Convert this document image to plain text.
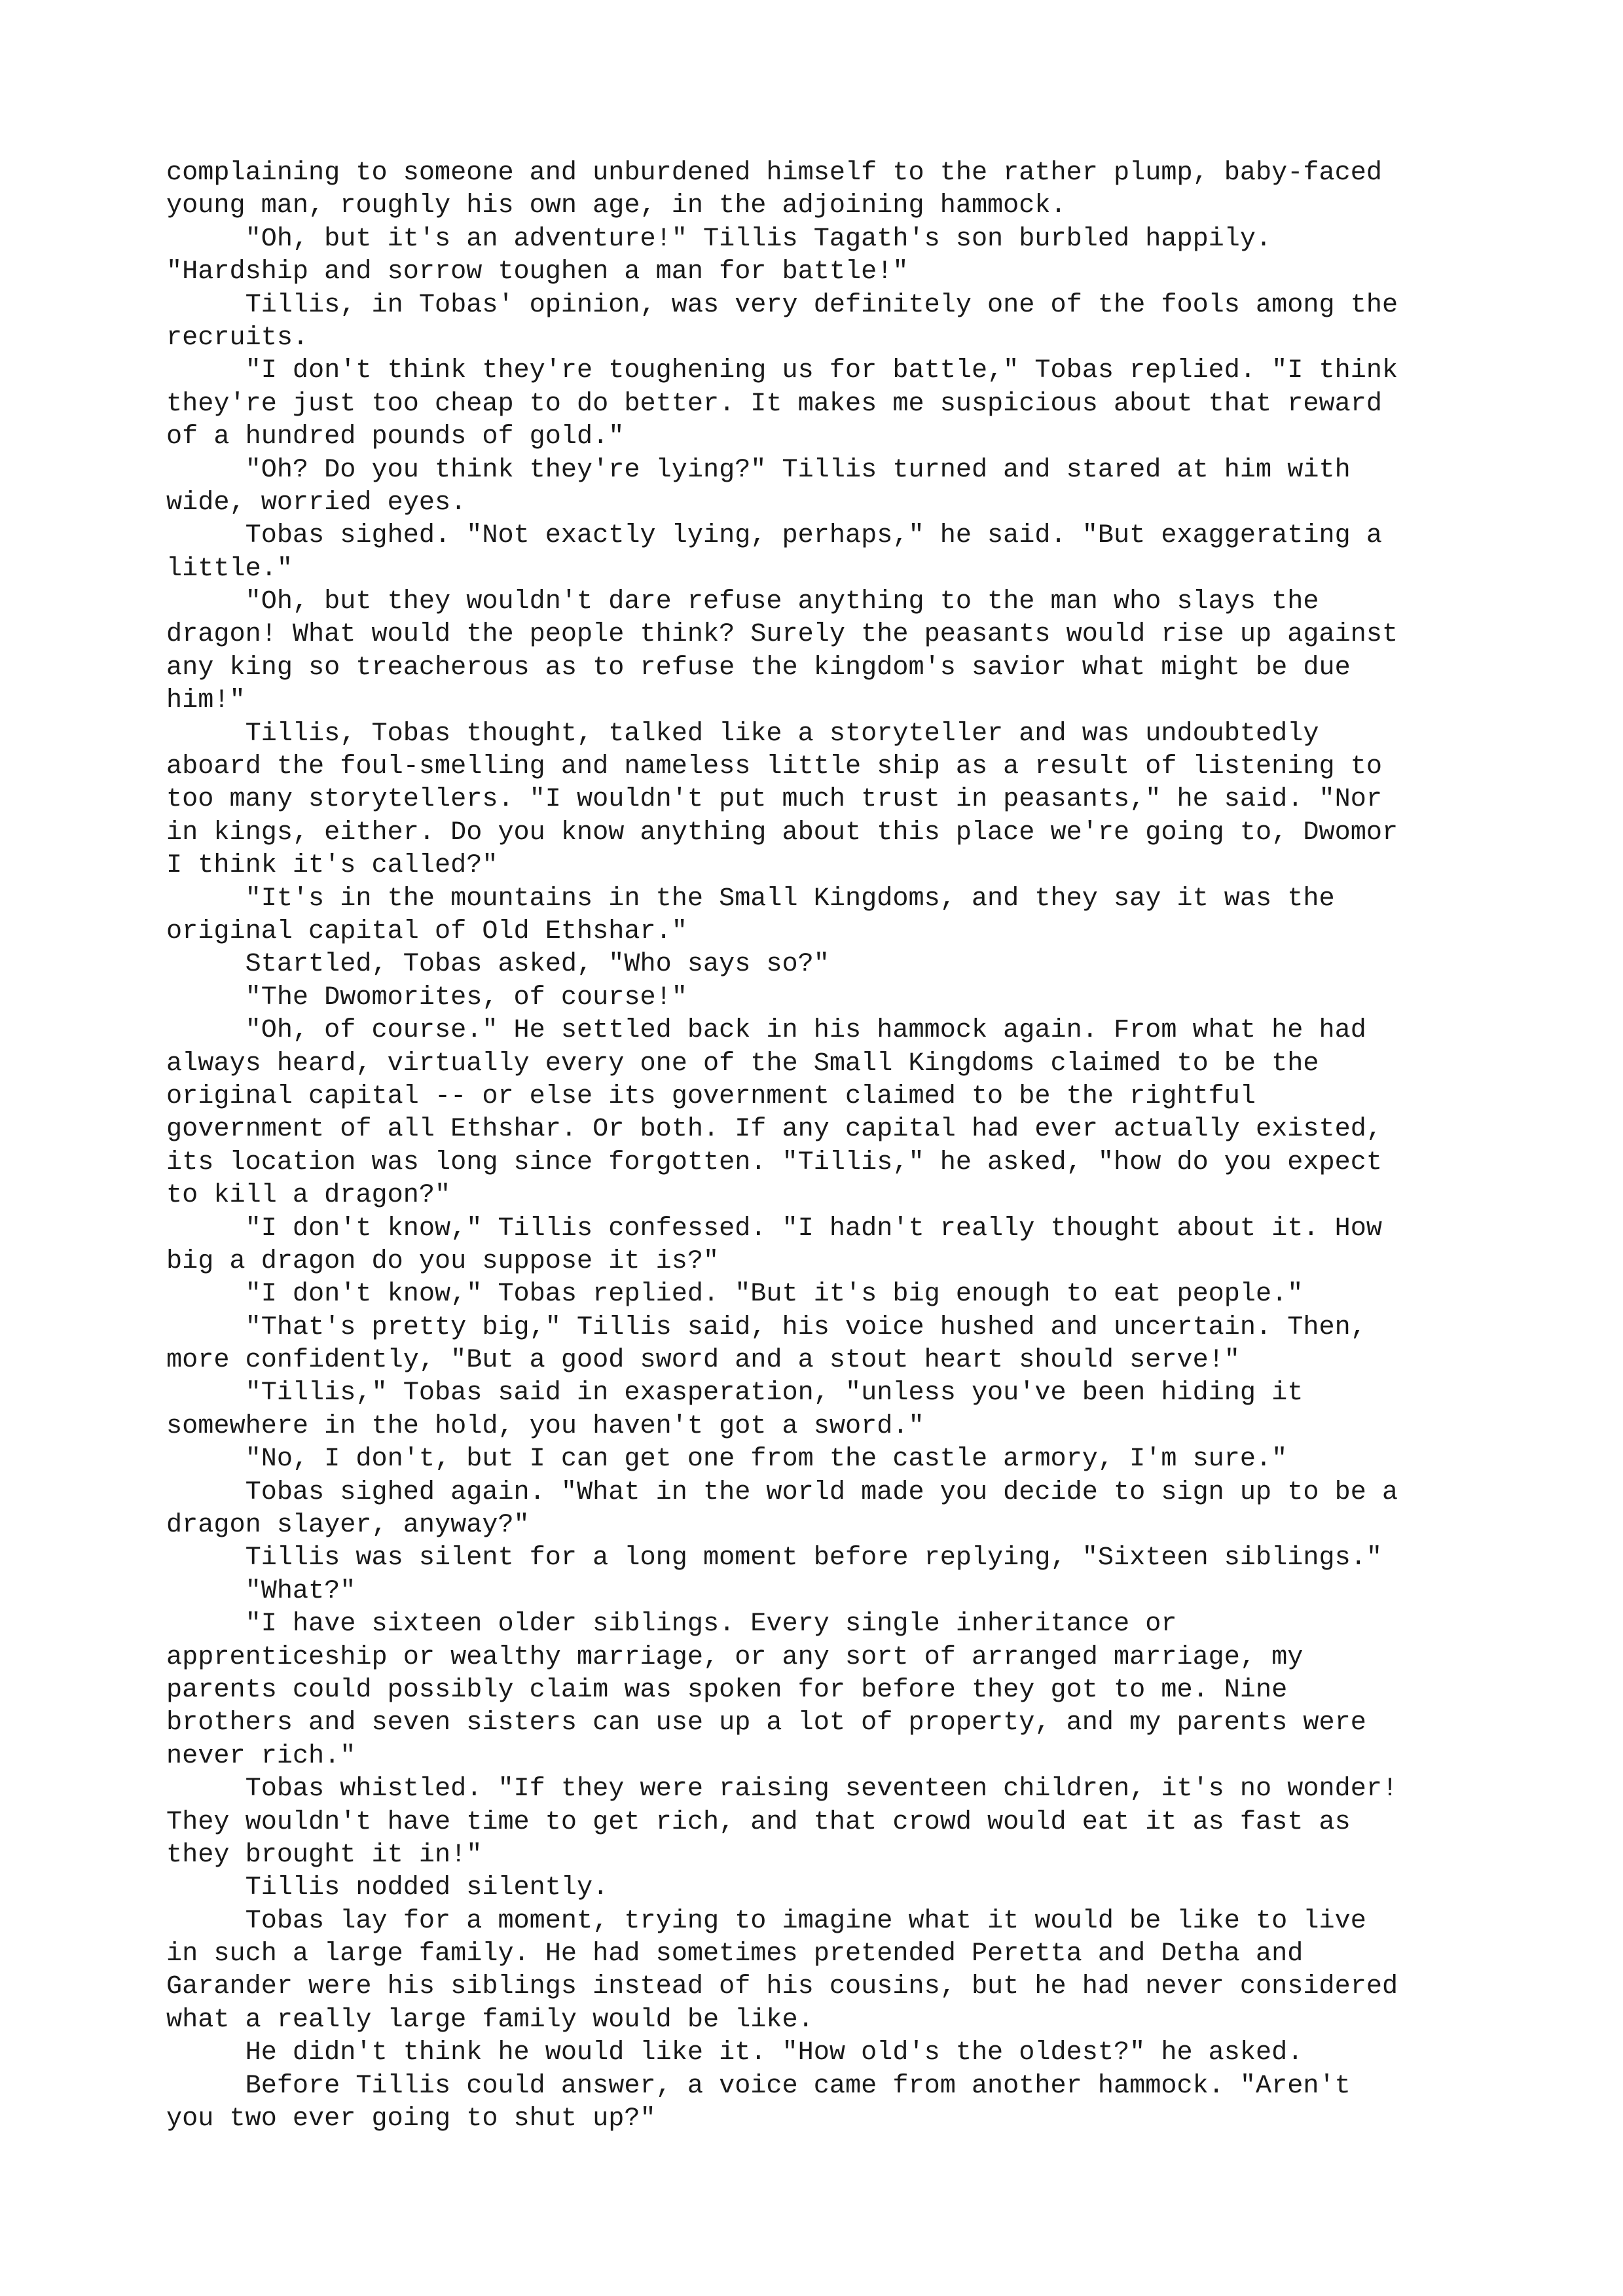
complaining to someone and unburdened himself to the rather plump, baby-faced
young man, roughly his own age, in the adjoining hammock.
"Oh, but it's an adventure!" Tillis Tagath's son burbled happily.
"Hardship and sorrow toughen a man for battle!"
Tillis, in Tobas' opinion, was very definitely one of the fools among the
recruits.
"I don't think they're toughening us for battle," Tobas replied. "I think
they're just too cheap to do better. It makes me suspicious about that reward
of a hundred pounds of gold."
"Oh? Do you think they're lying?" Tillis turned and stared at him with
wide, worried eyes.
Tobas sighed. "Not exactly lying, perhaps," he said. "But exaggerating a
little."
"Oh, but they wouldn't dare refuse anything to the man who slays the
dragon! What would the people think? Surely the peasants would rise up against
any king so treacherous as to refuse the kingdom's savior what might be due
him!"
Tillis, Tobas thought, talked like a storyteller and was undoubtedly
aboard the foul-smelling and nameless little ship as a result of listening to
too many storytellers. "I wouldn't put much trust in peasants," he said. "Nor
in kings, either. Do you know anything about this place we're going to, Dwomor
I think it's called?"
"It's in the mountains in the Small Kingdoms, and they say it was the
original capital of Old Ethshar."
Startled, Tobas asked, "Who says so?"
"The Dwomorites, of course!"
"Oh, of course." He settled back in his hammock again. From what he had
always heard, virtually every one of the Small Kingdoms claimed to be the
original capital -- or else its government claimed to be the rightful
government of all Ethshar. Or both. If any capital had ever actually existed,
its location was long since forgotten. "Tillis," he asked, "how do you expect
to kill a dragon?"
"I don't know," Tillis confessed. "I hadn't really thought about it. How
big a dragon do you suppose it is?"
"I don't know," Tobas replied. "But it's big enough to eat people."
"That's pretty big," Tillis said, his voice hushed and uncertain. Then,
more confidently, "But a good sword and a stout heart should serve!"
"Tillis," Tobas said in exasperation, "unless you've been hiding it
somewhere in the hold, you haven't got a sword."
"No, I don't, but I can get one from the castle armory, I'm sure."
Tobas sighed again. "What in the world made you decide to sign up to be a
dragon slayer, anyway?"
Tillis was silent for a long moment before replying, "Sixteen siblings."
"What?"
"I have sixteen older siblings. Every single inheritance or
apprenticeship or wealthy marriage, or any sort of arranged marriage, my
parents could possibly claim was spoken for before they got to me. Nine
brothers and seven sisters can use up a lot of property, and my parents were
never rich."
Tobas whistled. "If they were raising seventeen children, it's no wonder!
They wouldn't have time to get rich, and that crowd would eat it as fast as
they brought it in!"
Tillis nodded silently.
Tobas lay for a moment, trying to imagine what it would be like to live
in such a large family. He had sometimes pretended Peretta and Detha and
Garander were his siblings instead of his cousins, but he had never considered
what a really large family would be like.
He didn't think he would like it. "How old's the oldest?" he asked.
Before Tillis could answer, a voice came from another hammock. "Aren't
you two ever going to shut up?"
